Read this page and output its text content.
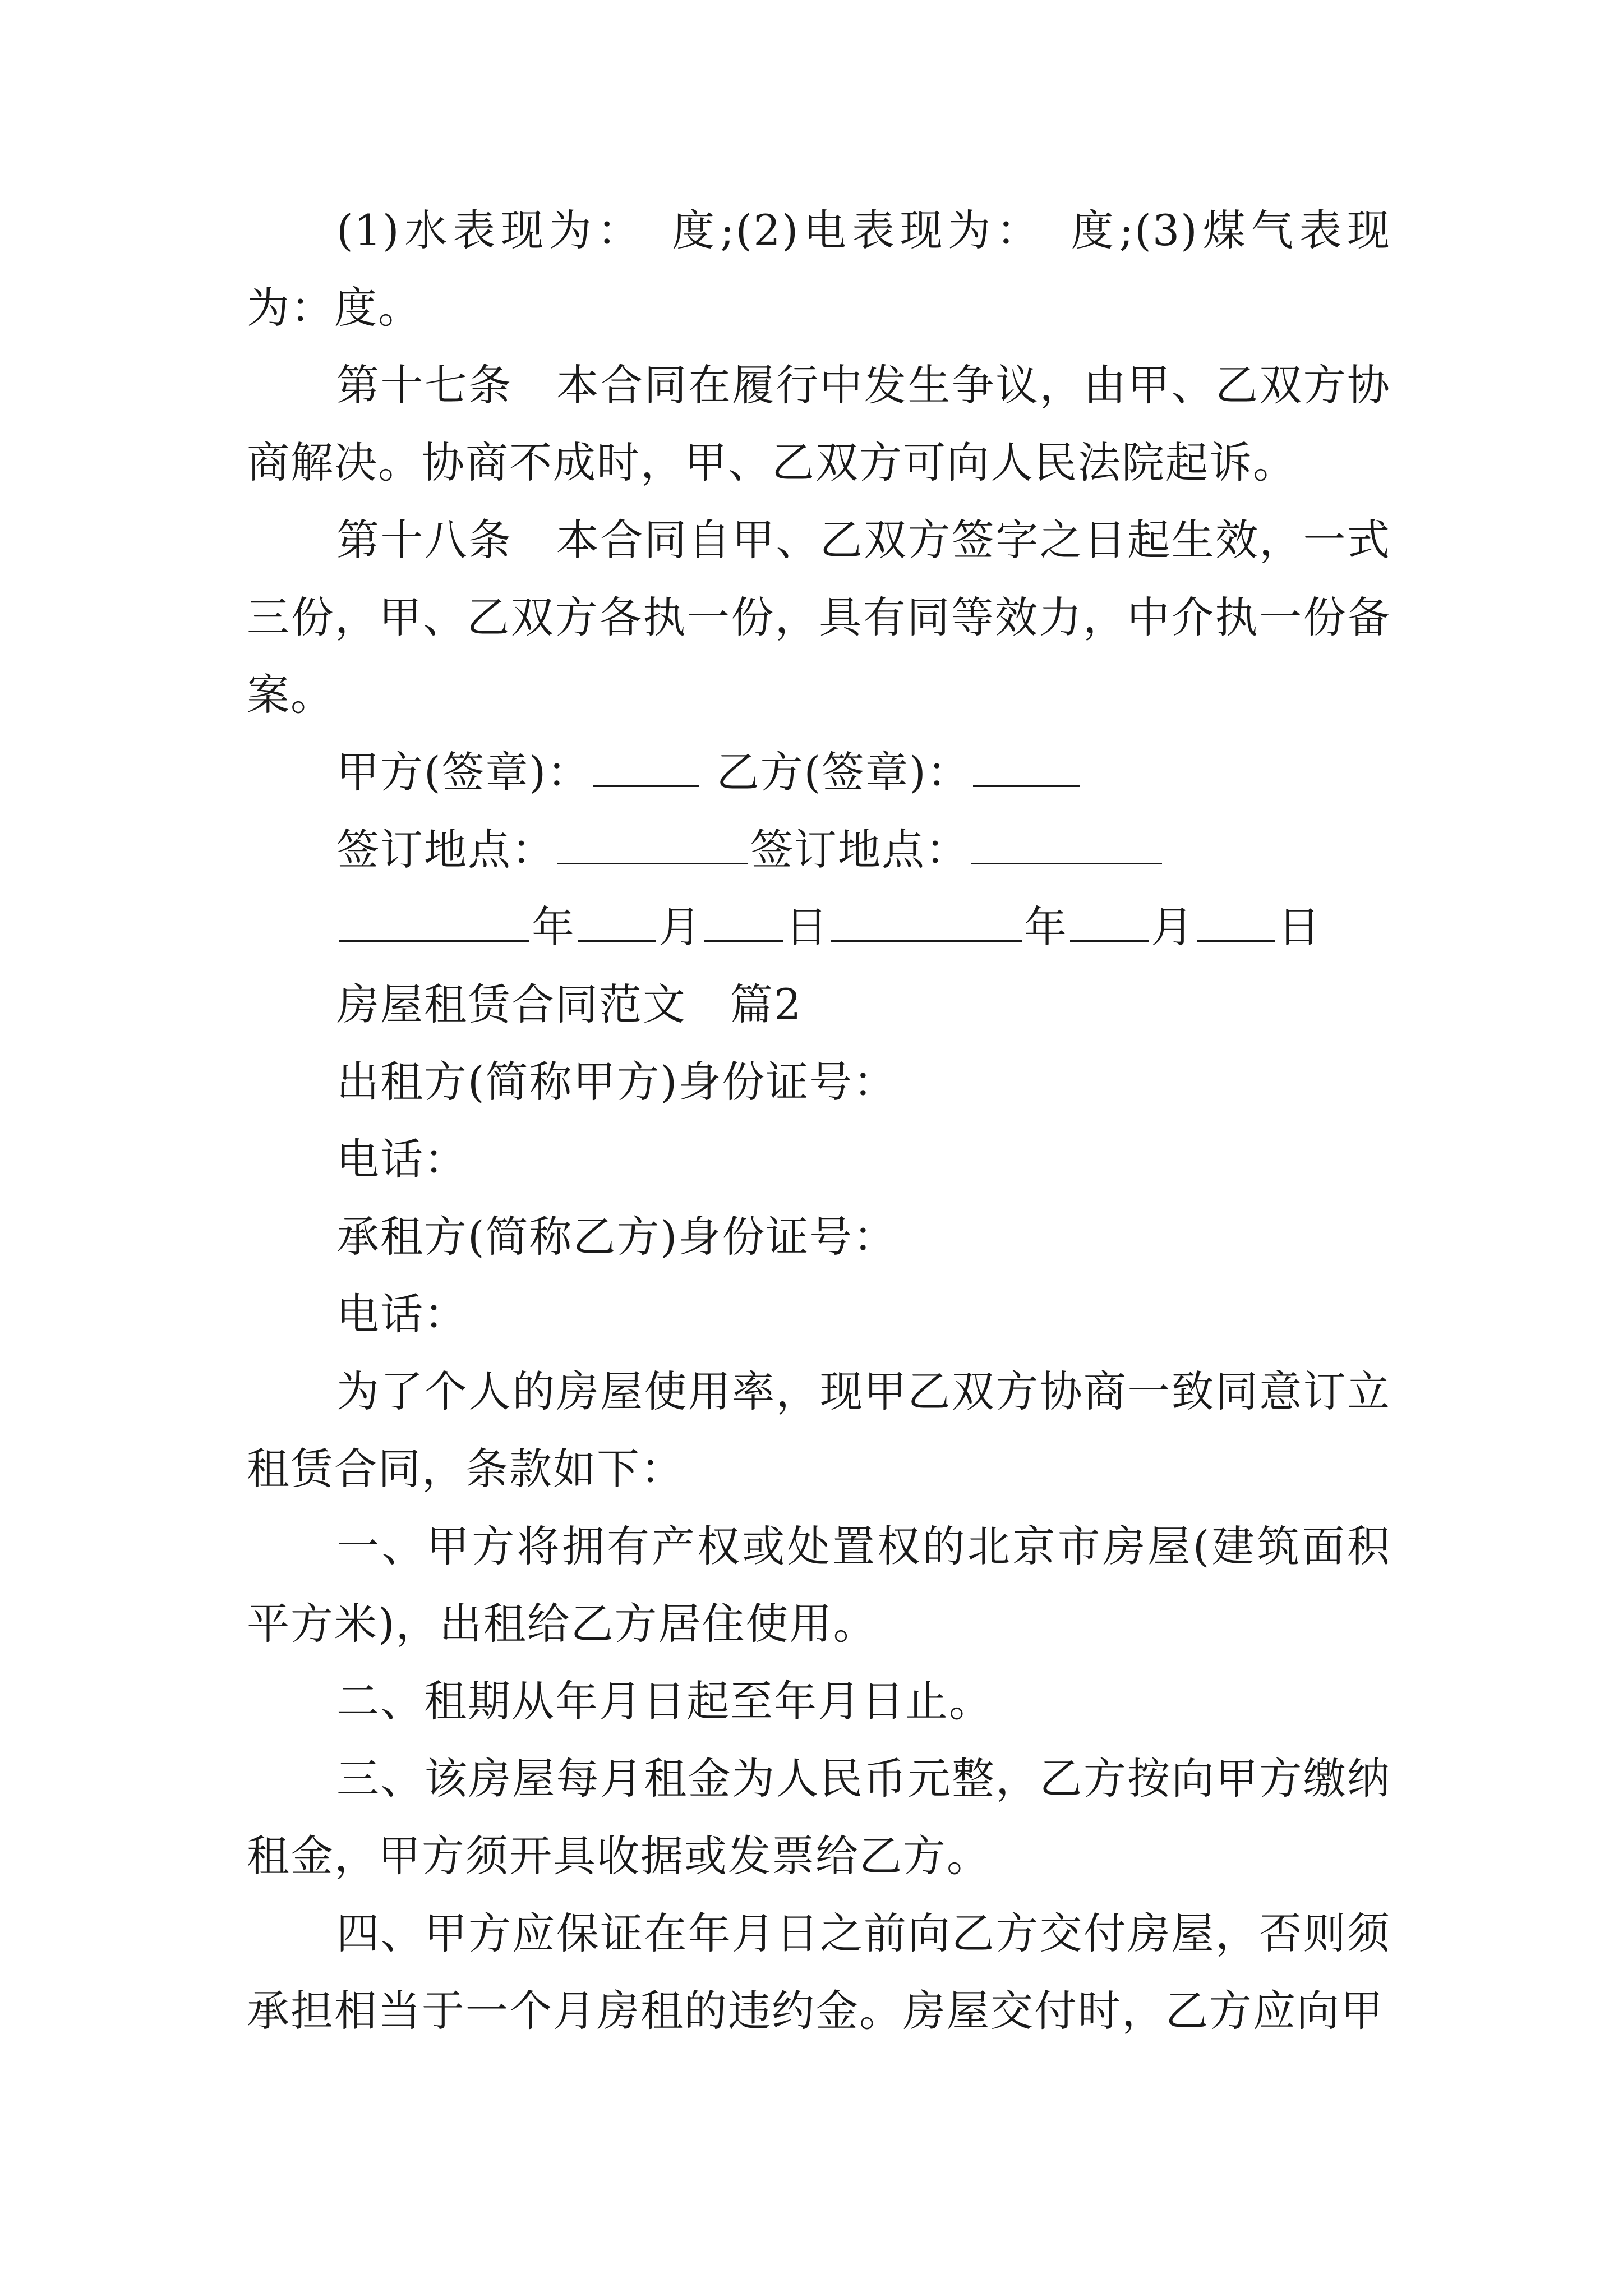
(1)水表现为：　度;(2)电表现为：　度;(3)煤气表现为：度。

第十七条　本合同在履行中发生争议，由甲、乙双方协商解决。协商不成时，甲、乙双方可向人民法院起诉。

第十八条　本合同自甲、乙双方签字之日起生效，一式三份，甲、乙双方各执一份，具有同等效力，中介执一份备案。

甲方(签章)：	乙方(签章)：

签订地点：	签订地点：

年 月 日	年 月 日

房屋租赁合同范文　篇2

出租方(简称甲方)身份证号：

电话：

承租方(简称乙方)身份证号：

电话：

为了个人的房屋使用率，现甲乙双方协商一致同意订立租赁合同，条款如下：

一、甲方将拥有产权或处置权的北京市房屋(建筑面积平方米)，出租给乙方居住使用。

二、租期从年月日起至年月日止。

三、该房屋每月租金为人民币元整，乙方按向甲方缴纳租金，甲方须开具收据或发票给乙方。

四、甲方应保证在年月日之前向乙方交付房屋，否则须承担相当于一个月房租的违约金。房屋交付时，乙方应向甲
